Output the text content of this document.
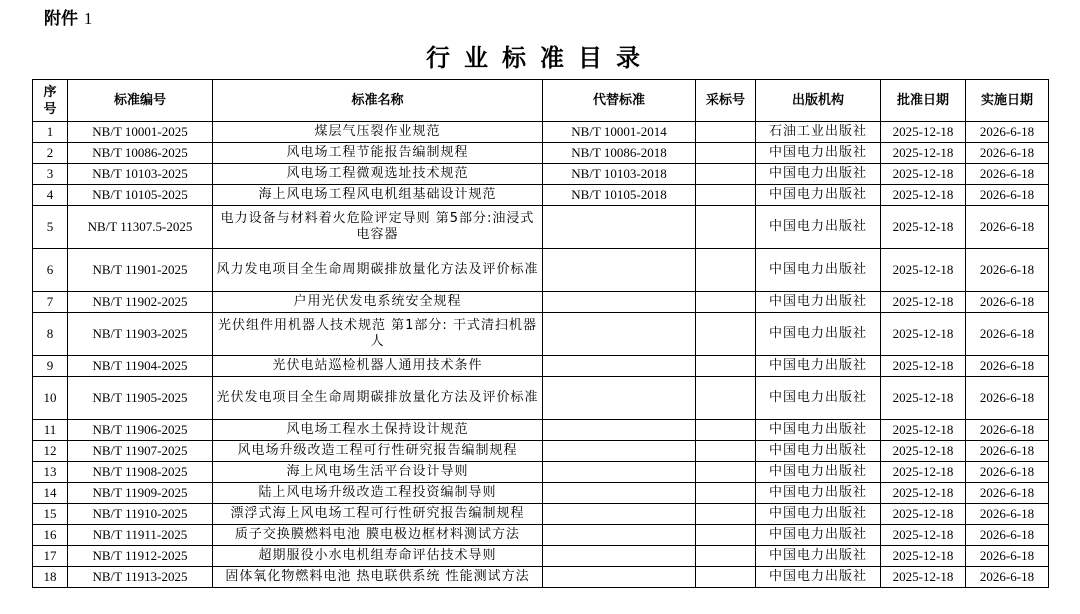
附件 1
行业标准目录
序号	标准编号	标准名称	代替标准	采标号	出版机构	批准日期	实施日期
1	NB/T 10001-2025	煤层气压裂作业规范	NB/T 10001-2014		石油工业出版社	2025-12-18	2026-6-18
2	NB/T 10086-2025	风电场工程节能报告编制规程	NB/T 10086-2018		中国电力出版社	2025-12-18	2026-6-18
3	NB/T 10103-2025	风电场工程微观选址技术规范	NB/T 10103-2018		中国电力出版社	2025-12-18	2026-6-18
4	NB/T 10105-2025	海上风电场工程风电机组基础设计规范	NB/T 10105-2018		中国电力出版社	2025-12-18	2026-6-18
5	NB/T 11307.5-2025	电力设备与材料着火危险评定导则 第5部分:油浸式电容器			中国电力出版社	2025-12-18	2026-6-18
6	NB/T 11901-2025	风力发电项目全生命周期碳排放量化方法及评价标准			中国电力出版社	2025-12-18	2026-6-18
7	NB/T 11902-2025	户用光伏发电系统安全规程			中国电力出版社	2025-12-18	2026-6-18
8	NB/T 11903-2025	光伏组件用机器人技术规范 第1部分: 干式清扫机器人			中国电力出版社	2025-12-18	2026-6-18
9	NB/T 11904-2025	光伏电站巡检机器人通用技术条件			中国电力出版社	2025-12-18	2026-6-18
10	NB/T 11905-2025	光伏发电项目全生命周期碳排放量化方法及评价标准			中国电力出版社	2025-12-18	2026-6-18
11	NB/T 11906-2025	风电场工程水土保持设计规范			中国电力出版社	2025-12-18	2026-6-18
12	NB/T 11907-2025	风电场升级改造工程可行性研究报告编制规程			中国电力出版社	2025-12-18	2026-6-18
13	NB/T 11908-2025	海上风电场生活平台设计导则			中国电力出版社	2025-12-18	2026-6-18
14	NB/T 11909-2025	陆上风电场升级改造工程投资编制导则			中国电力出版社	2025-12-18	2026-6-18
15	NB/T 11910-2025	漂浮式海上风电场工程可行性研究报告编制规程			中国电力出版社	2025-12-18	2026-6-18
16	NB/T 11911-2025	质子交换膜燃料电池 膜电极边框材料测试方法			中国电力出版社	2025-12-18	2026-6-18
17	NB/T 11912-2025	超期服役小水电机组寿命评估技术导则			中国电力出版社	2025-12-18	2026-6-18
18	NB/T 11913-2025	固体氧化物燃料电池 热电联供系统 性能测试方法			中国电力出版社	2025-12-18	2026-6-18
